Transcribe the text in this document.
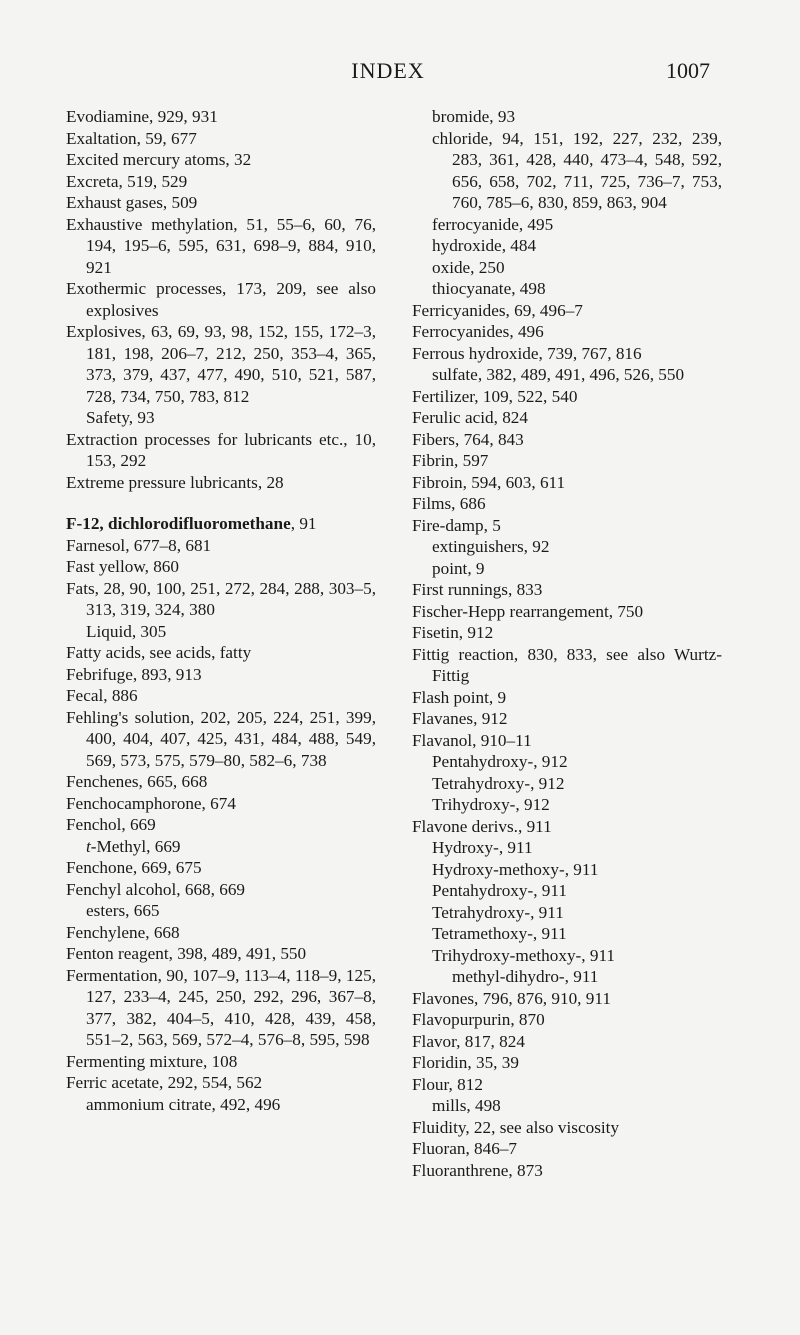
INDEX	1007
Evodiamine, 929, 931
Exaltation, 59, 677
Excited mercury atoms, 32
Excreta, 519, 529
Exhaust gases, 509
Exhaustive methylation, 51, 55–6, 60, 76, 194, 195–6, 595, 631, 698–9, 884, 910, 921
Exothermic processes, 173, 209, see also explosives
Explosives, 63, 69, 93, 98, 152, 155, 172–3, 181, 198, 206–7, 212, 250, 353–4, 365, 373, 379, 437, 477, 490, 510, 521, 587, 728, 734, 750, 783, 812
Safety, 93
Extraction processes for lubricants etc., 10, 153, 292
Extreme pressure lubricants, 28
F-12, dichlorodifluoromethane, 91
Farnesol, 677–8, 681
Fast yellow, 860
Fats, 28, 90, 100, 251, 272, 284, 288, 303–5, 313, 319, 324, 380
Liquid, 305
Fatty acids, see acids, fatty
Febrifuge, 893, 913
Fecal, 886
Fehling's solution, 202, 205, 224, 251, 399, 400, 404, 407, 425, 431, 484, 488, 549, 569, 573, 575, 579–80, 582–6, 738
Fenchenes, 665, 668
Fenchocamphorone, 674
Fenchol, 669
t-Methyl, 669
Fenchone, 669, 675
Fenchyl alcohol, 668, 669
esters, 665
Fenchylene, 668
Fenton reagent, 398, 489, 491, 550
Fermentation, 90, 107–9, 113–4, 118–9, 125, 127, 233–4, 245, 250, 292, 296, 367–8, 377, 382, 404–5, 410, 428, 439, 458, 551–2, 563, 569, 572–4, 576–8, 595, 598
Fermenting mixture, 108
Ferric acetate, 292, 554, 562
ammonium citrate, 492, 496
bromide, 93
chloride, 94, 151, 192, 227, 232, 239, 283, 361, 428, 440, 473–4, 548, 592, 656, 658, 702, 711, 725, 736–7, 753, 760, 785–6, 830, 859, 863, 904
ferrocyanide, 495
hydroxide, 484
oxide, 250
thiocyanate, 498
Ferricyanides, 69, 496–7
Ferrocyanides, 496
Ferrous hydroxide, 739, 767, 816
sulfate, 382, 489, 491, 496, 526, 550
Fertilizer, 109, 522, 540
Ferulic acid, 824
Fibers, 764, 843
Fibrin, 597
Fibroin, 594, 603, 611
Films, 686
Fire-damp, 5
extinguishers, 92
point, 9
First runnings, 833
Fischer-Hepp rearrangement, 750
Fisetin, 912
Fittig reaction, 830, 833, see also Wurtz-Fittig
Flash point, 9
Flavanes, 912
Flavanol, 910–11
Pentahydroxy-, 912
Tetrahydroxy-, 912
Trihydroxy-, 912
Flavone derivs., 911
Hydroxy-, 911
Hydroxy-methoxy-, 911
Pentahydroxy-, 911
Tetrahydroxy-, 911
Tetramethoxy-, 911
Trihydroxy-methoxy-, 911
methyl-dihydro-, 911
Flavones, 796, 876, 910, 911
Flavopurpurin, 870
Flavor, 817, 824
Floridin, 35, 39
Flour, 812
mills, 498
Fluidity, 22, see also viscosity
Fluoran, 846–7
Fluoranthrene, 873
